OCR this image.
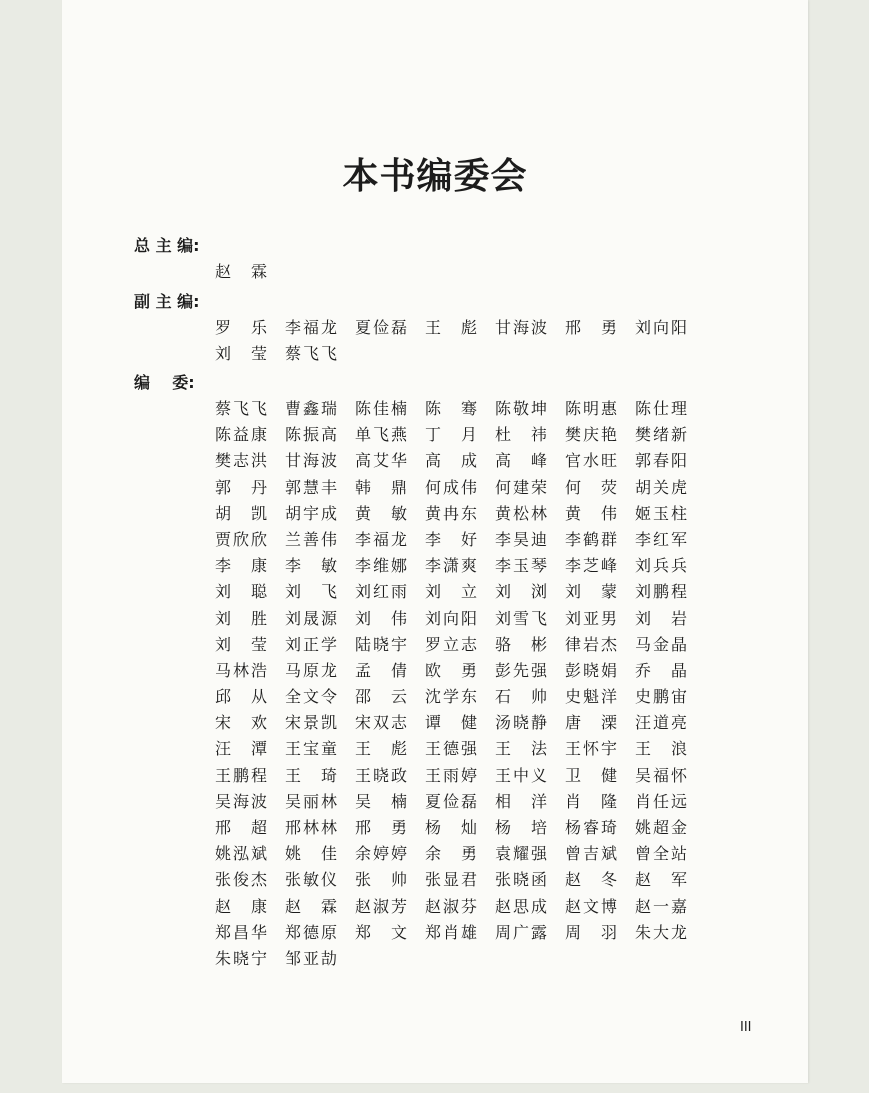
本书编委会
总 主 编:
赵 霖
副 主 编:
罗 乐 李 福 龙 夏 俭 磊 王 彪 甘 海 波 邢 勇 刘 向 阳
刘 莹 蔡 飞 飞
编    委:
蔡 飞 飞 曹 鑫 瑞 陈 佳 楠 陈 骞 陈 敬 坤 陈 明 惠 陈 仕 理
陈 益 康 陈 振 高 单 飞 燕 丁 月 杜 祎 樊 庆 艳 樊 绪 新
樊 志 洪 甘 海 波 高 艾 华 高 成 高 峰 官 水 旺 郭 春 阳
郭 丹 郭 慧 丰 韩 鼎 何 成 伟 何 建 荣 何 荧 胡 关 虎
胡 凯 胡 宇 成 黄 敏 黄 冉 东 黄 松 林 黄 伟 姬 玉 柱
贾 欣 欣 兰 善 伟 李 福 龙 李 好 李 昊 迪 李 鹤 群 李 红 军
李 康 李 敏 李 维 娜 李 潇 爽 李 玉 琴 李 芝 峰 刘 兵 兵
刘 聪 刘 飞 刘 红 雨 刘 立 刘 浏 刘 蒙 刘 鹏 程
刘 胜 刘 晟 源 刘 伟 刘 向 阳 刘 雪 飞 刘 亚 男 刘 岩
刘 莹 刘 正 学 陆 晓 宇 罗 立 志 骆 彬 律 岩 杰 马 金 晶
马 林 浩 马 原 龙 孟 倩 欧 勇 彭 先 强 彭 晓 娟 乔 晶
邱 从 全 文 令 邵 云 沈 学 东 石 帅 史 魁 洋 史 鹏 宙
宋 欢 宋 景 凯 宋 双 志 谭 健 汤 晓 静 唐 溧 汪 道 亮
汪 潭 王 宝 童 王 彪 王 德 强 王 法 王 怀 宇 王 浪
王 鹏 程 王 琦 王 晓 政 王 雨 婷 王 中 义 卫 健 吴 福 怀
吴 海 波 吴 丽 林 吴 楠 夏 俭 磊 相 洋 肖 隆 肖 任 远
邢 超 邢 林 林 邢 勇 杨 灿 杨 培 杨 睿 琦 姚 超 金
姚 泓 斌 姚 佳 余 婷 婷 余 勇 袁 耀 强 曾 吉 斌 曾 全 站
张 俊 杰 张 敏 仪 张 帅 张 显 君 张 晓 函 赵 冬 赵 军
赵 康 赵 霖 赵 淑 芳 赵 淑 芬 赵 思 成 赵 文 博 赵 一 嘉
郑 昌 华 郑 德 原 郑 文 郑 肖 雄 周 广 露 周 羽 朱 大 龙
朱 晓 宁 邹 亚 劼
III
